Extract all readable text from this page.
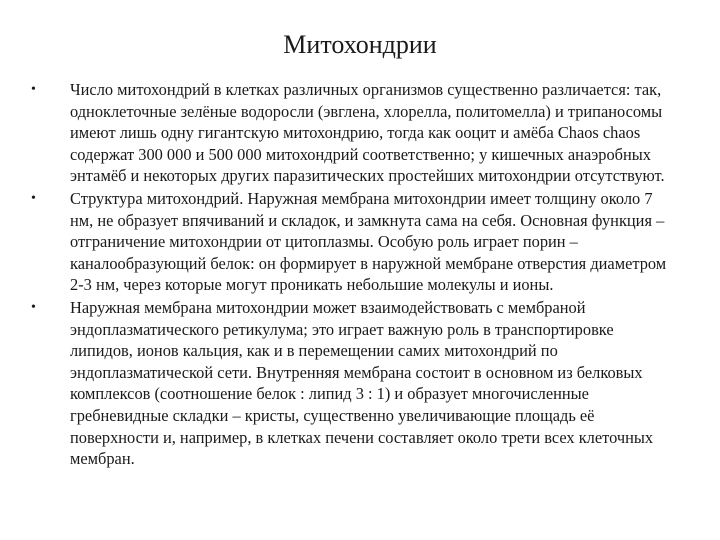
Митохондрии
• Число митохондрий в клетках различных организмов существенно различается: так, одноклеточные зелёные водоросли (эвглена, хлорелла, политомелла) и трипаносомы имеют лишь одну гигантскую митохондрию, тогда как ооцит и амёба Chaos chaos содержат 300 000 и 500 000 митохондрий соответственно; у кишечных анаэробных энтамёб и некоторых других паразитических простейших митохондрии отсутствуют.
• Структура митохондрий. Наружная мембрана митохондрии имеет толщину около 7 нм, не образует впячиваний и складок, и замкнута сама на себя. Основная функция – отграничение митохондрии от цитоплазмы. Особую роль играет порин – каналообразующий белок: он формирует в наружной мембране отверстия диаметром 2-3 нм, через которые могут проникать небольшие молекулы и ионы.
• Наружная мембрана митохондрии может взаимодействовать с мембраной эндоплазматического ретикулума; это играет важную роль в транспортировке липидов, ионов кальция, как и в перемещении самих митохондрий по эндоплазматической сети. Внутренняя мембрана состоит в основном из белковых комплексов (соотношение белок : липид 3 : 1) и образует многочисленные гребневидные складки – кристы, существенно увеличивающие площадь её поверхности и, например, в клетках печени составляет около трети всех клеточных мембран.
